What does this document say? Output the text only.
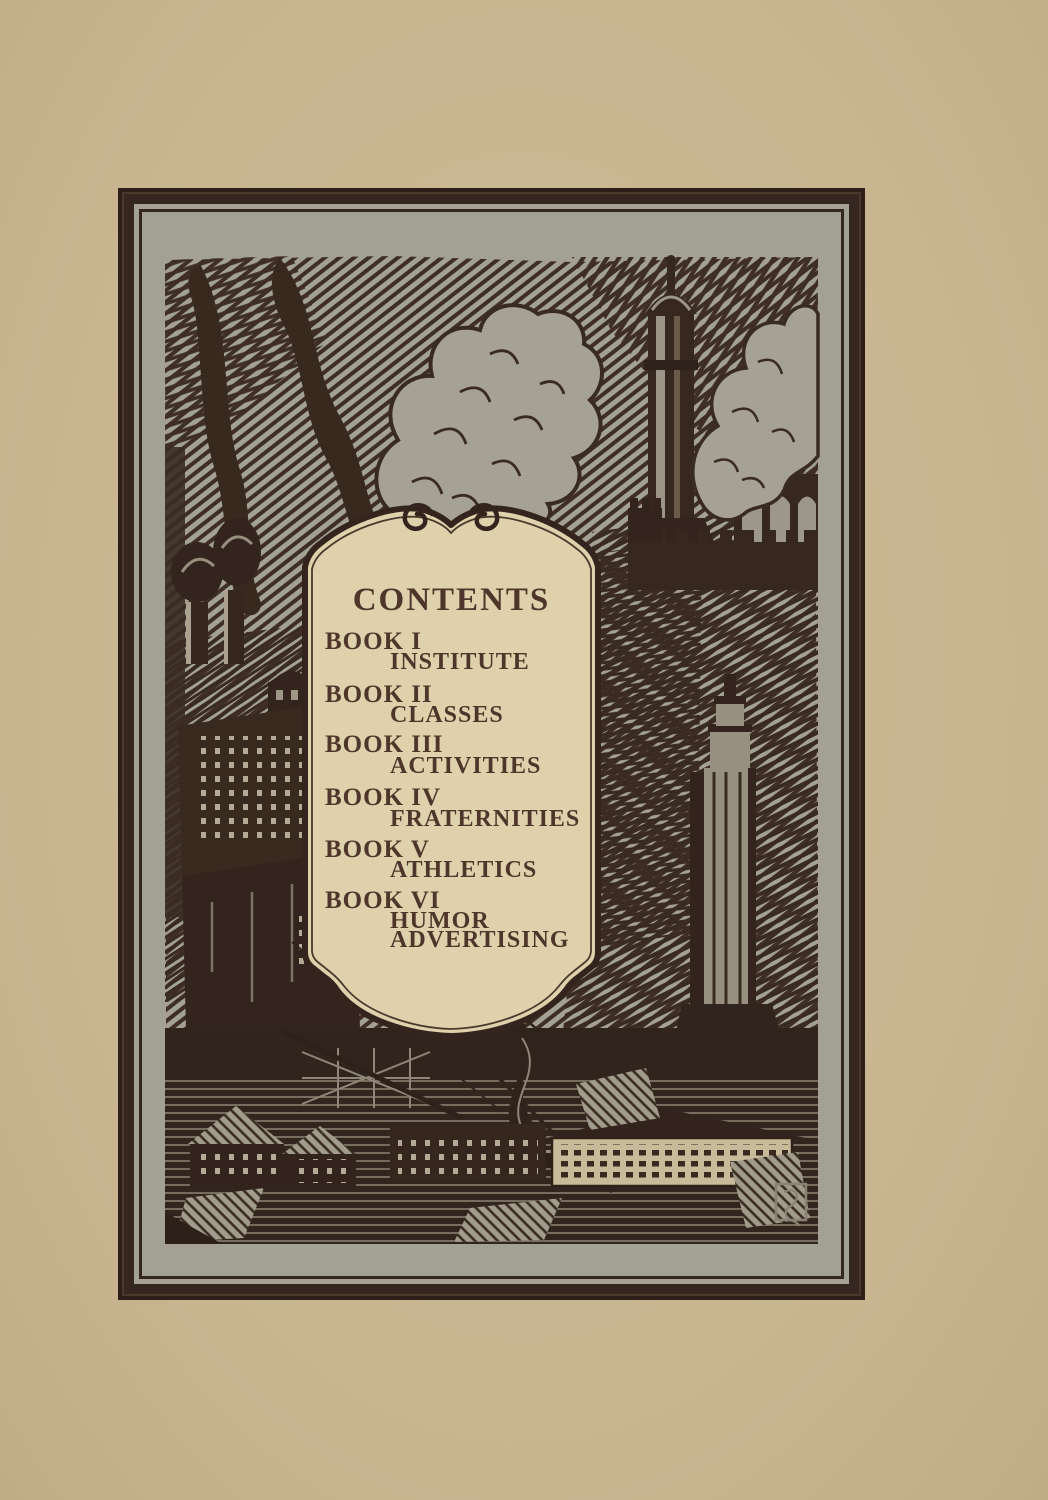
CONTENTS
BOOK I
INSTITUTE
BOOK II
CLASSES
BOOK III
ACTIVITIES
BOOK IV
FRATERNITIES
BOOK V
ATHLETICS
BOOK VI
HUMOR
ADVERTISING
